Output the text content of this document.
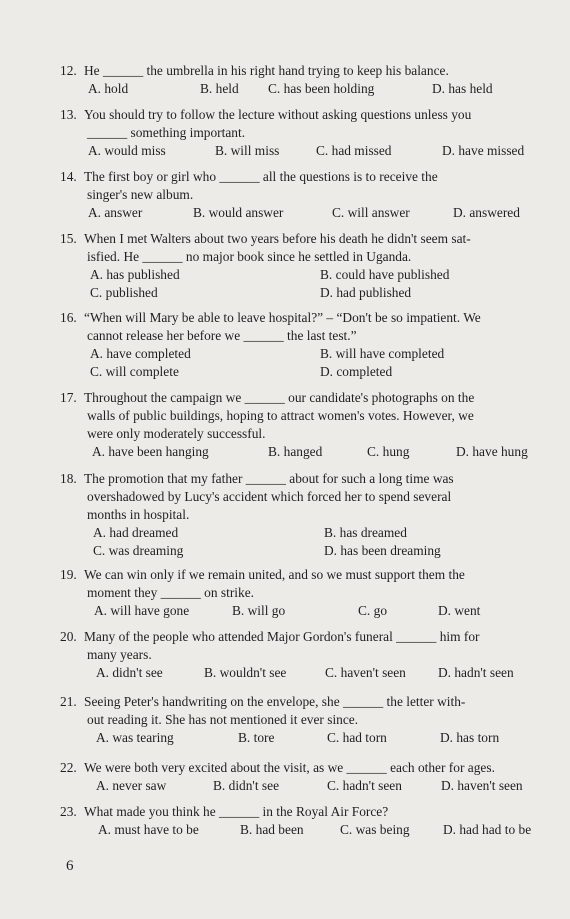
12. He ______ the umbrella in his right hand trying to keep his balance.
A. hold	B. held C. has been holding	D. has held
13. You should try to follow the lecture without asking questions unless you
______ something important.
A. would miss	B. will miss	C. had missed	D. have missed
14. The first boy or girl who ______ all the questions is to receive the
singer's new album.
A. answer	B. would answer	C. will answer	D. answered
15. When I met Walters about two years before his death he didn't seem sat-
isfied. He ______ no major book since he settled in Uganda.
A. has published	B. could have published
C. published	D. had published
16. “When will Mary be able to leave hospital?” – “Don't be so impatient. We
cannot release her before we ______ the last test.”
A. have completed	B. will have completed
C. will complete	D. completed
17. Throughout the campaign we ______ our candidate's photographs on the
walls of public buildings, hoping to attract women's votes. However, we
were only moderately successful.
A. have been hanging	B. hanged	C. hung	D. have hung
18. The promotion that my father ______ about for such a long time was
overshadowed by Lucy's accident which forced her to spend several
months in hospital.
A. had dreamed	B. has dreamed
C. was dreaming	D. has been dreaming
19. We can win only if we remain united, and so we must support them the
moment they ______ on strike.
A. will have gone	B. will go	C. go	D. went
20. Many of the people who attended Major Gordon's funeral ______ him for
many years.
A. didn't see	B. wouldn't see	C. haven't seen D. hadn't seen
21. Seeing Peter's handwriting on the envelope, she ______ the letter with-
out reading it. She has not mentioned it ever since.
A. was tearing	B. tore	C. had torn	D. has torn
22. We were both very excited about the visit, as we ______ each other for ages.
A. never saw	B. didn't see	C. hadn't seen	D. haven't seen
23. What made you think he ______ in the Royal Air Force?
A. must have to be	B. had been	C. was being D. had had to be
6
